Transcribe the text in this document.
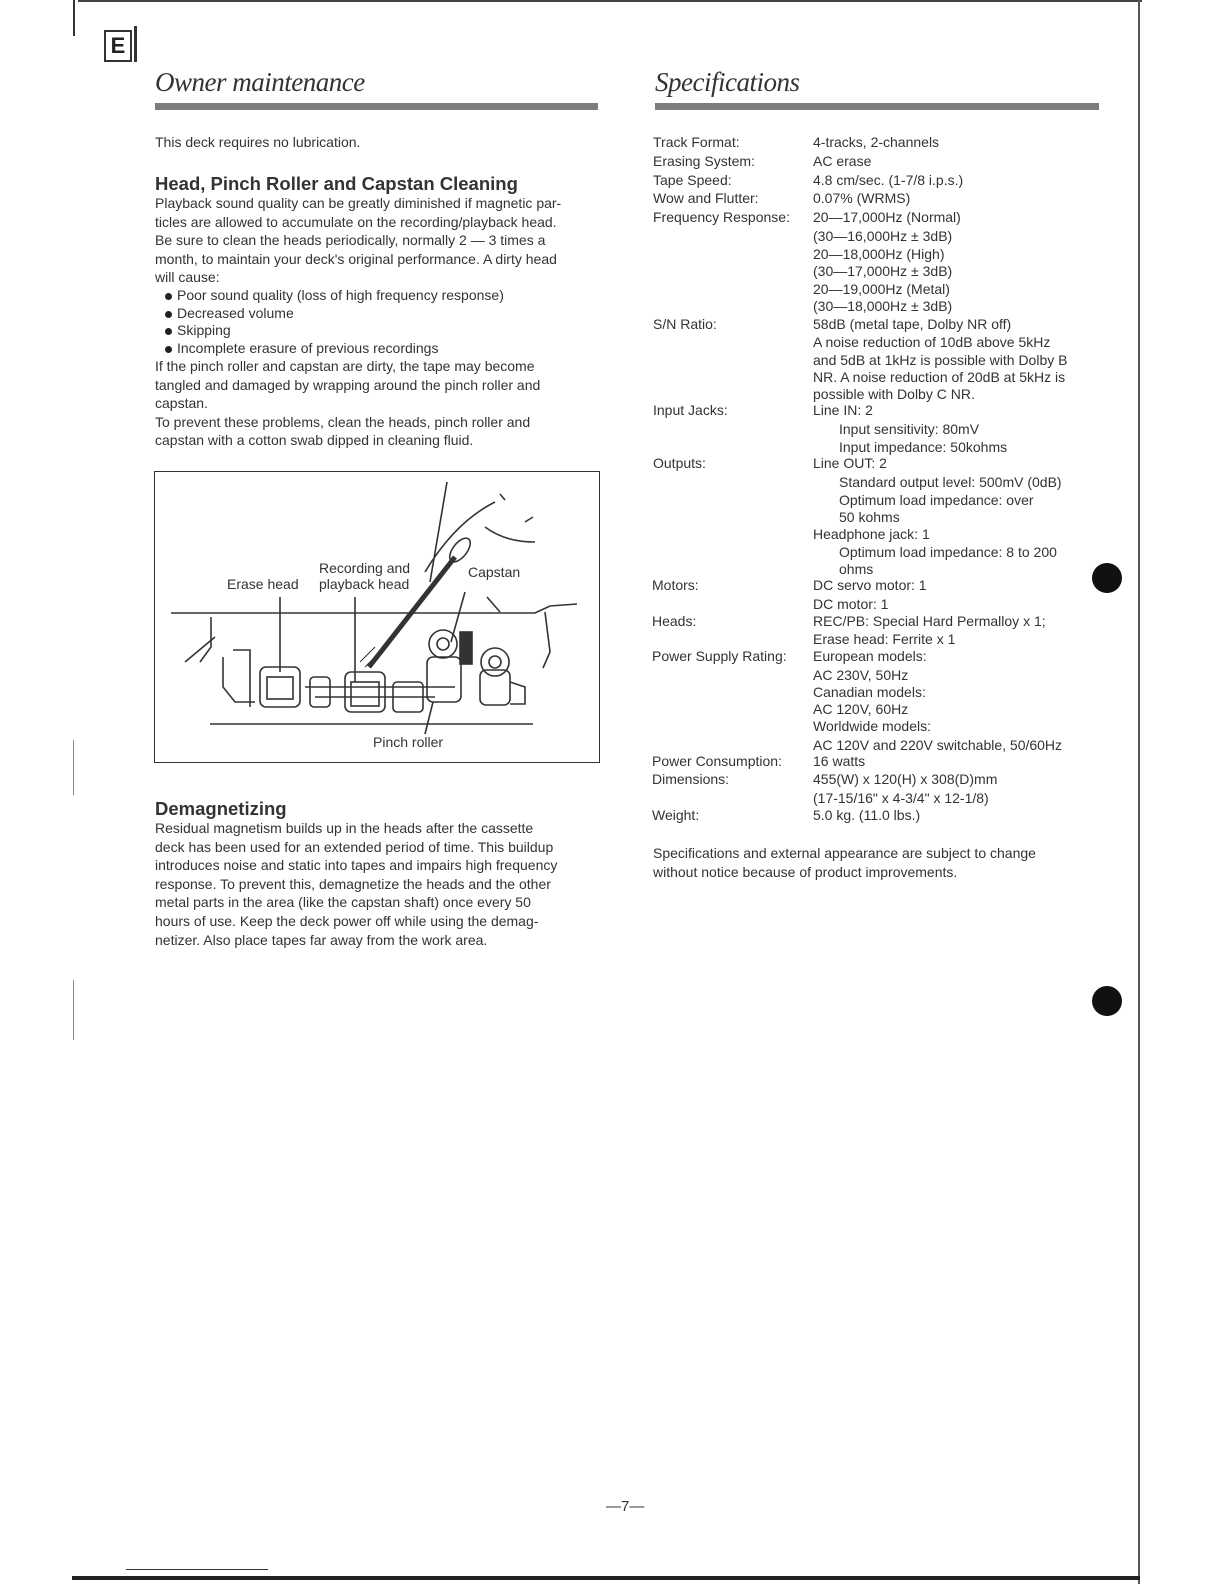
E
Owner maintenance
This deck requires no lubrication.
Head, Pinch Roller and Capstan Cleaning
Playback sound quality can be greatly diminished if magnetic par-
ticles are allowed to accumulate on the recording/playback head.
Be sure to clean the heads periodically, normally 2 — 3 times a
month, to maintain your deck's original performance. A dirty head
will cause:
Poor sound quality (loss of high frequency response)
Decreased volume
Skipping
Incomplete erasure of previous recordings
If the pinch roller and capstan are dirty, the tape may become
tangled and damaged by wrapping around the pinch roller and
capstan.
To prevent these problems, clean the heads, pinch roller and
capstan with a cotton swab dipped in cleaning fluid.
Recording and
playback head
Erase head
Capstan
Pinch roller
Demagnetizing
Residual magnetism builds up in the heads after the cassette
deck has been used for an extended period of time. This buildup
introduces noise and static into tapes and impairs high frequency
response. To prevent this, demagnetize the heads and the other
metal parts in the area (like the capstan shaft) once every 50
hours of use. Keep the deck power off while using the demag-
netizer. Also place tapes far away from the work area.
Specifications
Track Format:	4-tracks, 2-channels
Erasing System:	AC erase
Tape Speed:	4.8 cm/sec. (1-7/8 i.p.s.)
Wow and Flutter:	0.07% (WRMS)
Frequency Response: 20—17,000Hz (Normal)
(30—16,000Hz ± 3dB)
20—18,000Hz (High)
(30—17,000Hz ± 3dB)
20—19,000Hz (Metal)
(30—18,000Hz ± 3dB)
S/N Ratio:	58dB (metal tape, Dolby NR off)
A noise reduction of 10dB above 5kHz
and 5dB at 1kHz is possible with Dolby B
NR. A noise reduction of 20dB at 5kHz is
possible with Dolby C NR.
Input Jacks:	Line IN: 2
Input sensitivity: 80mV
Input impedance: 50kohms
Outputs:	Line OUT: 2
Standard output level: 500mV (0dB)
Optimum load impedance: over
50 kohms
Headphone jack: 1
Optimum load impedance: 8 to 200
ohms
Motors:	DC servo motor: 1
DC motor: 1
Heads:	REC/PB: Special Hard Permalloy x 1;
Erase head: Ferrite x 1
Power Supply Rating: European models:
AC 230V, 50Hz
Canadian models:
AC 120V, 60Hz
Worldwide models:
AC 120V and 220V switchable, 50/60Hz
Power Consumption: 16 watts
Dimensions:	455(W) x 120(H) x 308(D)mm
(17-15/16" x 4-3/4" x 12-1/8)
Weight:	5.0 kg. (11.0 lbs.)
Specifications and external appearance are subject to change
without notice because of product improvements.
—7—
